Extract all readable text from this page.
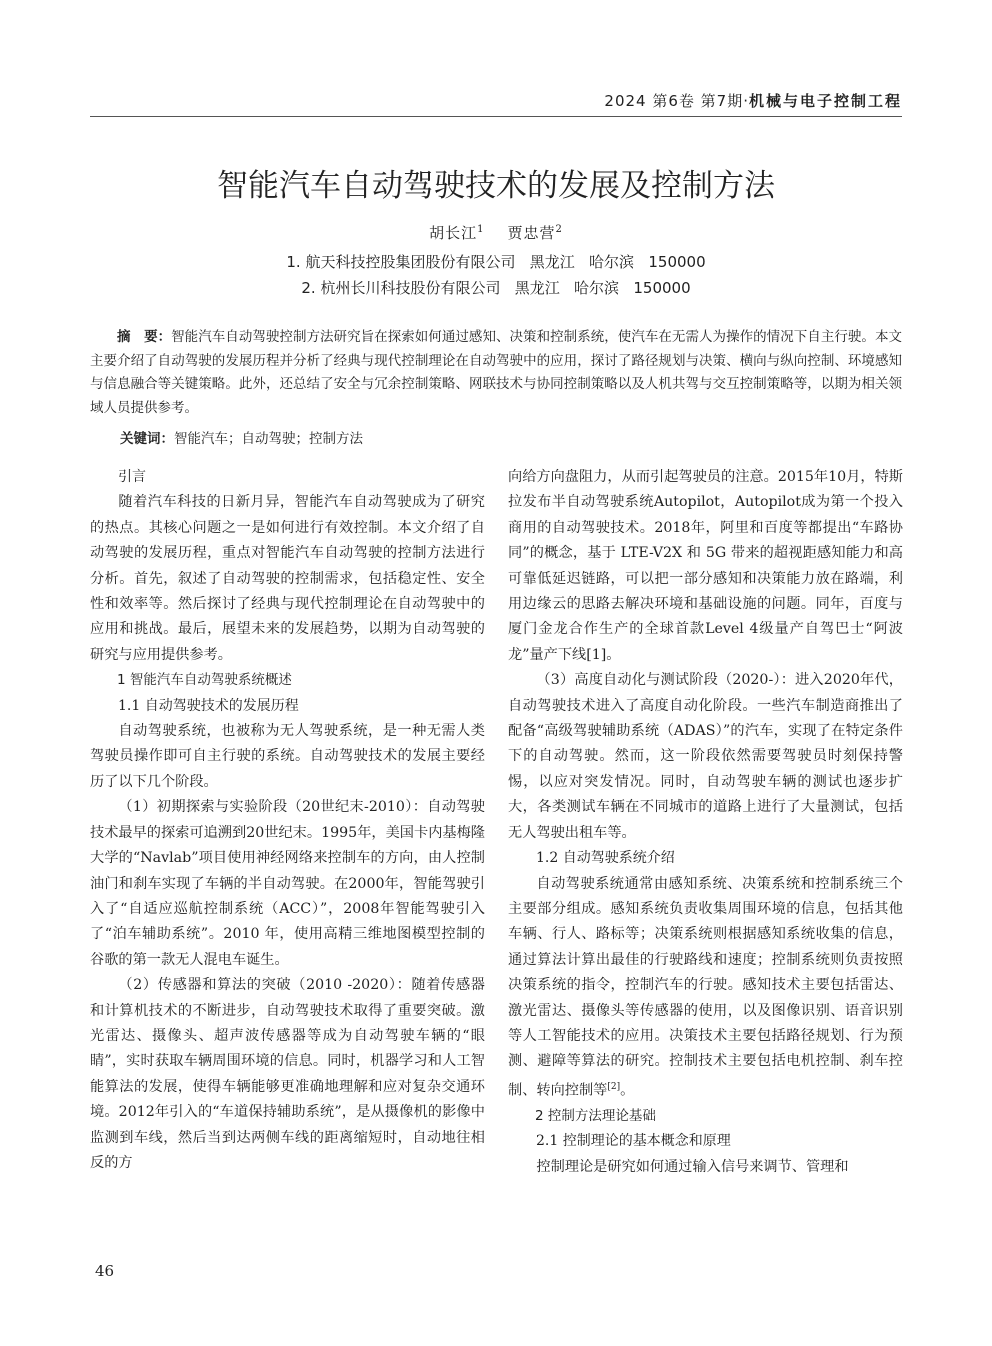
2024 第6卷 第7期·机械与电子控制工程
智能汽车自动驾驶技术的发展及控制方法
胡长江$^1$ 贾忠营$^2$
1. 航天科技控股集团股份有限公司   黑龙江   哈尔滨   150000
2. 杭州长川科技股份有限公司   黑龙江   哈尔滨   150000
摘　要：智能汽车自动驾驶控制方法研究旨在探索如何通过感知、决策和控制系统，使汽车在无需人为操作的情况下自主行驶。本文主要介绍了自动驾驶的发展历程并分析了经典与现代控制理论在自动驾驶中的应用，探讨了路径规划与决策、横向与纵向控制、环境感知与信息融合等关键策略。此外，还总结了安全与冗余控制策略、网联技术与协同控制策略以及人机共驾与交互控制策略等，以期为相关领域人员提供参考。
关键词：智能汽车；自动驾驶；控制方法
引言

随着汽车科技的日新月异，智能汽车自动驾驶成为了研究的热点。其核心问题之一是如何进行有效控制。本文介绍了自动驾驶的发展历程，重点对智能汽车自动驾驶的控制方法进行分析。首先，叙述了自动驾驶的控制需求，包括稳定性、安全性和效率等。然后探讨了经典与现代控制理论在自动驾驶中的应用和挑战。最后，展望未来的发展趋势，以期为自动驾驶的研究与应用提供参考。

1 智能汽车自动驾驶系统概述
1.1 自动驾驶技术的发展历程

自动驾驶系统，也被称为无人驾驶系统，是一种无需人类驾驶员操作即可自主行驶的系统。自动驾驶技术的发展主要经历了以下几个阶段。

（1）初期探索与实验阶段（20世纪末-2010）：自动驾驶技术最早的探索可追溯到20世纪末。1995年，美国卡内基梅隆大学的“Navlab”项目使用神经网络来控制车的方向，由人控制油门和刹车实现了车辆的半自动驾驶。在2000年，智能驾驶引入了“自适应巡航控制系统（ACC）”，2008年智能驾驶引入了“泊车辅助系统”。2010 年，使用高精三维地图模型控制的谷歌的第一款无人混电车诞生。

（2）传感器和算法的突破（2010 -2020）：随着传感器和计算机技术的不断进步，自动驾驶技术取得了重要突破。激光雷达、摄像头、超声波传感器等成为自动驾驶车辆的“眼睛”，实时获取车辆周围环境的信息。同时，机器学习和人工智能算法的发展，使得车辆能够更准确地理解和应对复杂交通环境。2012年引入的“车道保持辅助系统”，是从摄像机的影像中监测到车线，然后当到达两侧车线的距离缩短时，自动地往相反的方

向给方向盘阻力，从而引起驾驶员的注意。2015年10月，特斯拉发布半自动驾驶系统Autopilot，Autopilot成为第一个投入商用的自动驾驶技术。2018年，阿里和百度等都提出“车路协同”的概念，基于 LTE-V2X 和 5G 带来的超视距感知能力和高可靠低延迟链路，可以把一部分感知和决策能力放在路端，利用边缘云的思路去解决环境和基础设施的问题。同年，百度与厦门金龙合作生产的全球首款Level 4级量产自驾巴士“阿波龙”量产下线[1]。

（3）高度自动化与测试阶段（2020-）：进入2020年代，自动驾驶技术进入了高度自动化阶段。一些汽车制造商推出了配备“高级驾驶辅助系统（ADAS）”的汽车，实现了在特定条件下的自动驾驶。然而，这一阶段依然需要驾驶员时刻保持警惕，以应对突发情况。同时，自动驾驶车辆的测试也逐步扩大，各类测试车辆在不同城市的道路上进行了大量测试，包括无人驾驶出租车等。

1.2 自动驾驶系统介绍

自动驾驶系统通常由感知系统、决策系统和控制系统三个主要部分组成。感知系统负责收集周围环境的信息，包括其他车辆、行人、路标等；决策系统则根据感知系统收集的信息，通过算法计算出最佳的行驶路线和速度；控制系统则负责按照决策系统的指令，控制汽车的行驶。感知技术主要包括雷达、激光雷达、摄像头等传感器的使用，以及图像识别、语音识别等人工智能技术的应用。决策技术主要包括路径规划、行为预测、避障等算法的研究。控制技术主要包括电机控制、刹车控制、转向控制等[2]。

2 控制方法理论基础
2.1 控制理论的基本概念和原理

控制理论是研究如何通过输入信号来调节、管理和

46
